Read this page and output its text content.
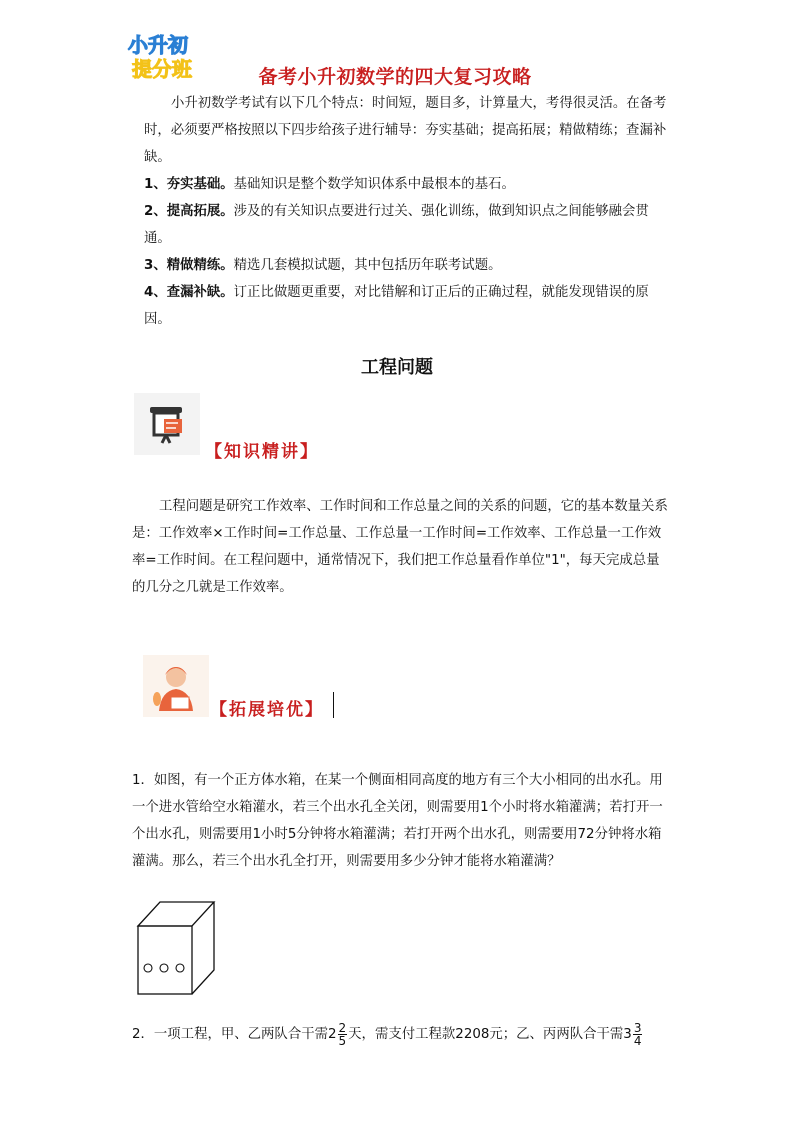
小升初
提分班	备考小升初数学的四大复习攻略

小升初数学考试有以下几个特点：时间短，题目多，计算量大，考得很灵活。在备考时，必须要严格按照以下四步给孩子进行辅导：夯实基础；提高拓展；精做精练；查漏补缺。

1、夯实基础。基础知识是整个数学知识体系中最根本的基石。

2、提高拓展。涉及的有关知识点要进行过关、强化训练，做到知识点之间能够融会贯通。

3、精做精练。精选几套模拟试题，其中包括历年联考试题。

4、查漏补缺。订正比做题更重要，对比错解和订正后的正确过程，就能发现错误的原因。

工程问题
【知识精讲】

工程问题是研究工作效率、工作时间和工作总量之间的关系的问题，它的基本数量关系是：工作效率×工作时间=工作总量、工作总量一工作时间=工作效率、工作总量一工作效率=工作时间。在工程问题中，通常情况下，我们把工作总量看作单位"1"，每天完成总量的几分之几就是工作效率。

【拓展培优】

1．如图，有一个正方体水箱，在某一个侧面相同高度的地方有三个大小相同的出水孔。用一个进水管给空水箱灌水，若三个出水孔全关闭，则需要用1个小时将水箱灌满；若打开一个出水孔，则需要用1小时5分钟将水箱灌满；若打开两个出水孔，则需要用72分钟将水箱灌满。那么，若三个出水孔全打开，则需要用多少分钟才能将水箱灌满？

2．一项工程，甲、乙两队合干需$2 \frac{2}{5}$ 天，需支付工程款2208元；乙、丙两队合干需$3 \frac{3}{4}$
